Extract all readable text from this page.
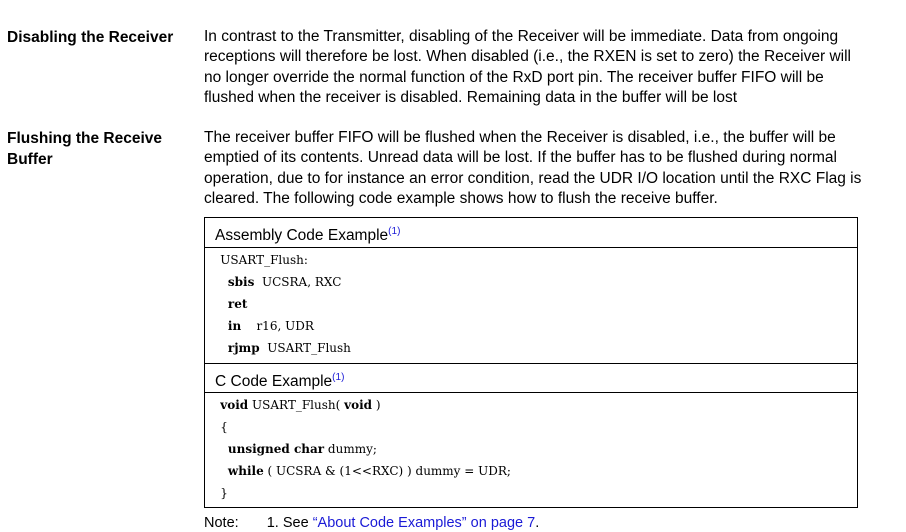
Disabling the Receiver	In contrast to the Transmitter, disabling of the Receiver will be immediate. Data from ongoing
receptions will therefore be lost. When disabled (i.e., the RXEN is set to zero) the Receiver will
no longer override the normal function of the RxD port pin. The receiver buffer FIFO will be
flushed when the receiver is disabled. Remaining data in the buffer will be lost
Flushing the Receive
Buffer
The receiver buffer FIFO will be flushed when the Receiver is disabled, i.e., the buffer will be
emptied of its contents. Unread data will be lost. If the buffer has to be flushed during normal
operation, due to for instance an error condition, read the UDR I/O location until the RXC Flag is
cleared. The following code example shows how to flush the receive buffer.
Assembly Code Example$^{(1)}$
USART_Flush:
sbis  UCSRA, RXC
ret
in    r16, UDR
rjmp  USART_Flush
C Code Example$^{(1)}$
void USART_Flush( void )
{
unsigned char dummy;
while ( UCSRA & (1<<RXC) ) dummy = UDR;
}
Note: 1. See “About Code Examples” on page 7.
